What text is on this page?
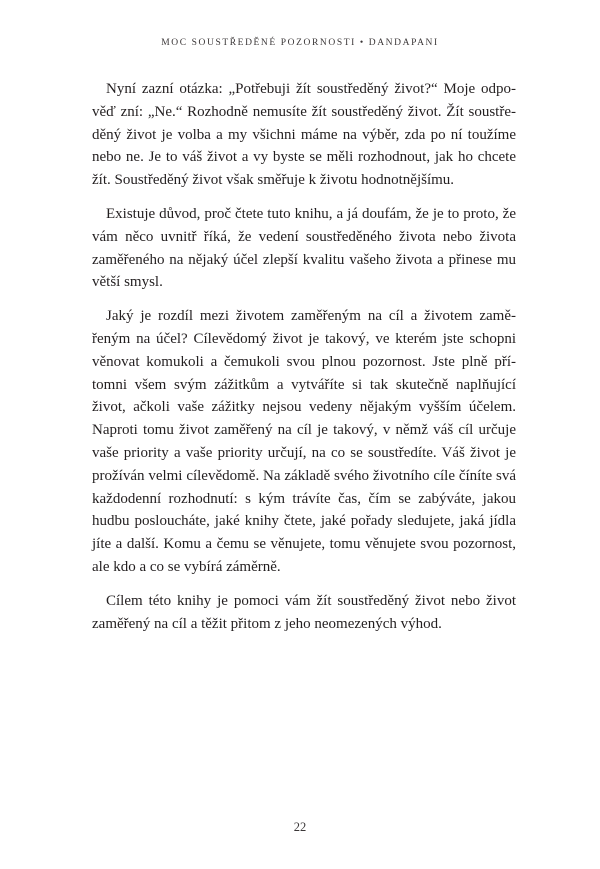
MOC SOUSTŘEDĚNÉ POZORNOSTI • DANDAPANI

Nyní zazní otázka: „Potřebuji žít soustředěný život?“ Moje odpověď zní: „Ne.“ Rozhodně nemusíte žít soustředěný život. Žít soustředěný život je volba a my všichni máme na výběr, zda po ní toužíme nebo ne. Je to váš život a vy byste se měli rozhodnout, jak ho chcete žít. Soustředěný život však směřuje k životu hodnotnějšímu.

Existuje důvod, proč čtete tuto knihu, a já doufám, že je to proto, že vám něco uvnitř říká, že vedení soustředěného života nebo života zaměřeného na nějaký účel zlepší kvalitu vašeho života a přinese mu větší smysl.

Jaký je rozdíl mezi životem zaměřeným na cíl a životem zaměřeným na účel? Cílevědomý život je takový, ve kterém jste schopni věnovat komukoli a čemukoli svou plnou pozornost. Jste plně přítomni všem svým zážitkům a vytváříte si tak skutečně naplňující život, ačkoli vaše zážitky nejsou vedeny nějakým vyšším účelem. Naproti tomu život zaměřený na cíl je takový, v němž váš cíl určuje vaše priority a vaše priority určují, na co se soustředíte. Váš život je prožíván velmi cílevědomě. Na základě svého životního cíle číníte svá každodenní rozhodnutí: s kým trávíte čas, čím se zabýváte, jakou hudbu posloucháte, jaké knihy čtete, jaké pořady sledujete, jaká jídla jíte a další. Komu a čemu se věnujete, tomu věnujete svou pozornost, ale kdo a co se vybírá záměrně.

Cílem této knihy je pomoci vám žít soustředěný život nebo život zaměřený na cíl a těžit přitom z jeho neomezených výhod.

22
